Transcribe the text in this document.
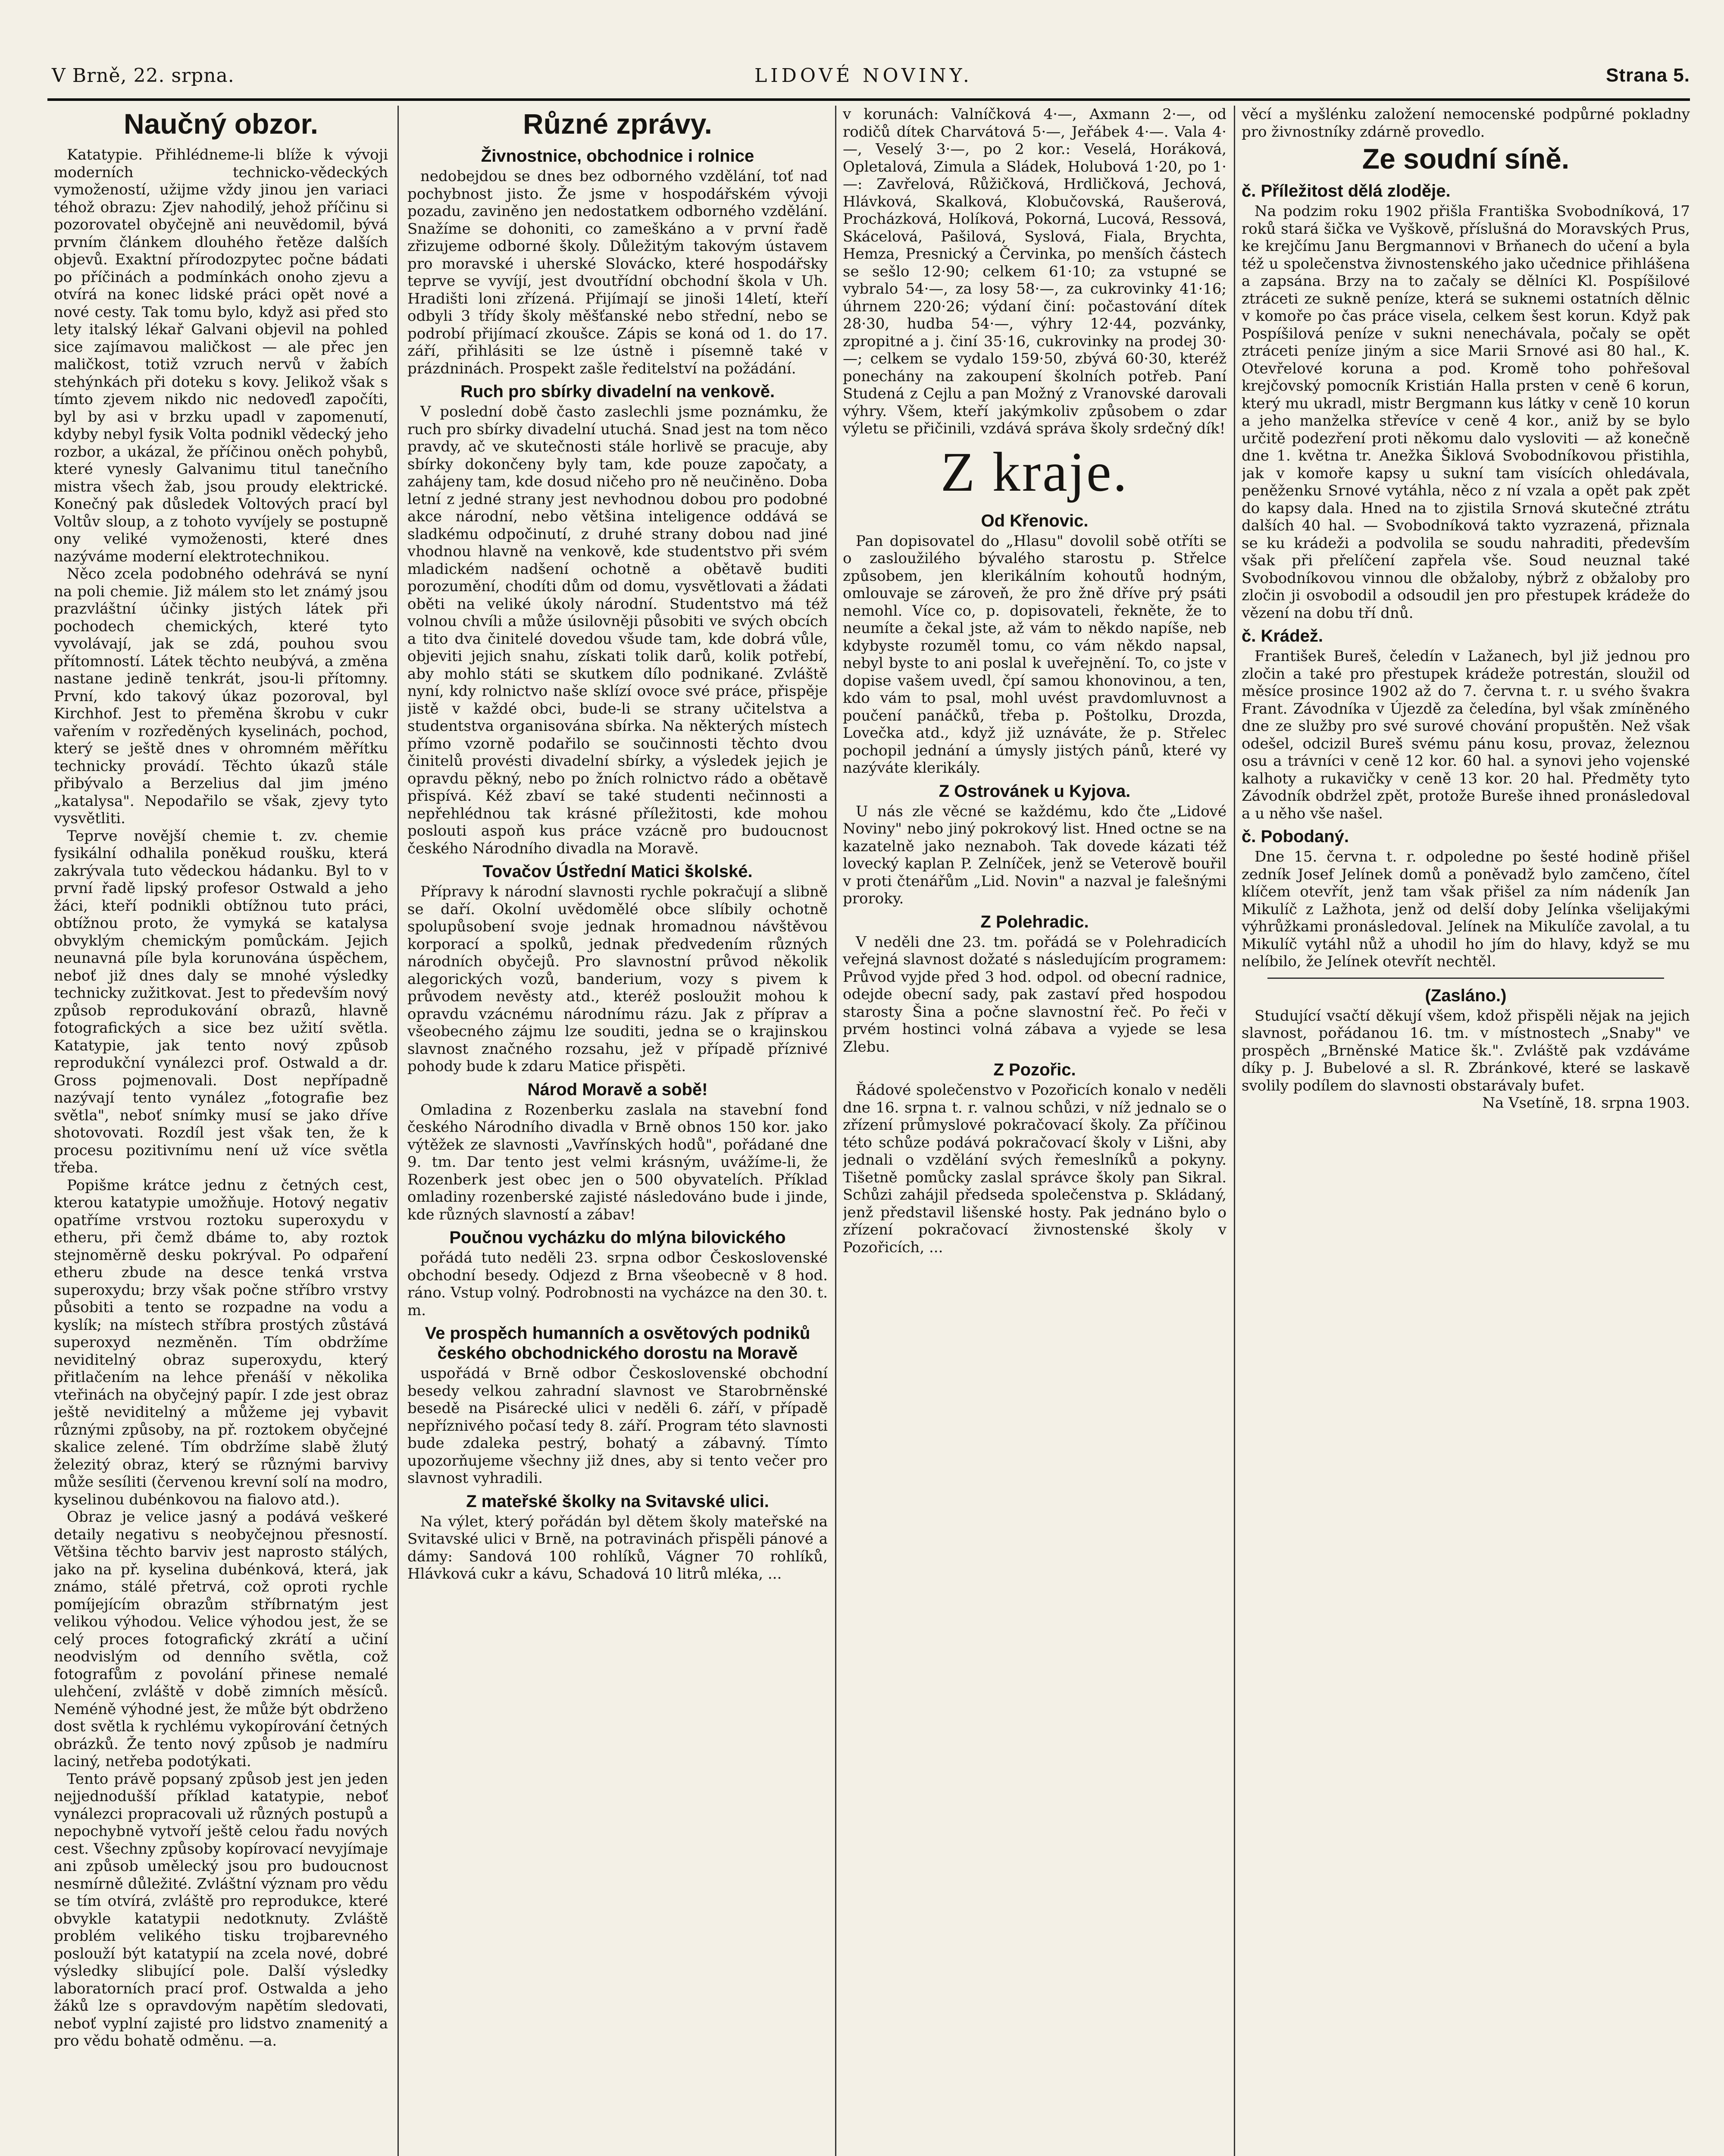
V Brně, 22. srpna.	LIDOVÉ NOVINY.	Strana 5.
Naučný obzor.

Katatypie. Přihlédneme-li blíže k vývoji moderních technicko-vědeckých vymožeností, užijme vždy jinou jen variaci téhož obrazu: Zjev nahodilý, jehož příčinu si pozorovatel obyčejně ani neuvědomil, bývá prvním článkem dlouhého řetěze dalších objevů. Exaktní přírodozpytec počne bádati po příčinách a podmínkách onoho zjevu a otvírá na konec lidské práci opět nové a nové cesty. Tak tomu bylo, když asi před sto lety italský lékař Galvani objevil na pohled sice zajímavou maličkost — ale přec jen maličkost, totiž vzruch nervů v žabích stehýnkách při doteku s kovy. Jelikož však s tímto zjevem nikdo nic nedoveďl započíti, byl by asi v brzku upadl v zapomenutí, kdyby nebyl fysik Volta podnikl vědecký jeho rozbor, a ukázal, že příčinou oněch pohybů, které vynesly Galvanimu titul tanečního mistra všech žab, jsou proudy elektrické. Konečný pak důsledek Voltových prací byl Voltův sloup, a z tohoto vyvíjely se postupně ony veliké vymoženosti, které dnes nazýváme moderní elektrotechnikou.

Něco zcela podobného odehrává se nyní na poli chemie. Již málem sto let známý jsou prazvláštní účinky jistých látek při pochodech chemických, které tyto vyvolávají, jak se zdá, pouhou svou přítomností. Látek těchto neubývá, a změna nastane jedině tenkrát, jsou-li přítomny. První, kdo takový úkaz pozoroval, byl Kirchhof. Jest to přeměna škrobu v cukr vařením v rozředěných kyselinách, pochod, který se ještě dnes v ohromném měřítku technicky provádí. Těchto úkazů stále přibývalo a Berzelius dal jim jméno „katalysa". Nepodařilo se však, zjevy tyto vysvětliti.

Teprve novější chemie t. zv. chemie fysikální odhalila poněkud roušku, která zakrývala tuto vědeckou hádanku. Byl to v první řadě lipský profesor Ostwald a jeho žáci, kteří podnikli obtížnou tuto práci, obtížnou proto, že vymyká se katalysa obvyklým chemickým pomůckám. Jejich neunavná píle byla korunována úspěchem, neboť již dnes daly se mnohé výsledky technicky zužitkovat. Jest to především nový způsob reprodukování obrazů, hlavně fotografických a sice bez užití světla. Katatypie, jak tento nový způsob reprodukční vynálezci prof. Ostwald a dr. Gross pojmenovali. Dost nepřípadně nazývají tento vynález „fotografie bez světla", neboť snímky musí se jako dříve shotovovati. Rozdíl jest však ten, že k procesu pozitivnímu není už více světla třeba.

Popišme krátce jednu z četných cest, kterou katatypie umožňuje. Hotový negativ opatříme vrstvou roztoku superoxydu v etheru, při čemž dbáme to, aby roztok stejnoměrně desku pokrýval. Po odpaření etheru zbude na desce tenká vrstva superoxydu; brzy však počne stříbro vrstvy působiti a tento se rozpadne na vodu a kyslík; na místech stříbra prostých zůstává superoxyd nezměněn. Tím obdržíme neviditelný obraz superoxydu, který přitlačením na lehce přenáší v několika vteřinách na obyčejný papír. I zde jest obraz ještě neviditelný a můžeme jej vybavit různými způsoby, na př. roztokem obyčejné skalice zelené. Tím obdržíme slabě žlutý železitý obraz, který se různými barvivy může sesíliti (červenou krevní solí na modro, kyselinou dubénkovou na fialovo atd.).

Obraz je velice jasný a podává veškeré detaily negativu s neobyčejnou přesností. Většina těchto barviv jest naprosto stálých, jako na př. kyselina dubénková, která, jak známo, stálé přetrvá, což oproti rychle pomíjejícím obrazům stříbrnatým jest velikou výhodou. Velice výhodou jest, že se celý proces fotografický zkrátí a učiní neodvislým od denního světla, což fotografům z povolání přinese nemalé ulehčení, zvláště v době zimních měsíců. Neméně výhodné jest, že může být obdrženo dost světla k rychlému vykopírování četných obrázků. Že tento nový způsob je nadmíru laciný, netřeba podotýkati.

Tento právě popsaný způsob jest jen jeden nejjednodušší příklad katatypie, neboť vynálezci propracovali už různých postupů a nepochybně vytvoří ještě celou řadu nových cest. Všechny způsoby kopírovací nevyjímaje ani způsob umělecký jsou pro budoucnost nesmírně důležité. Zvláštní význam pro vědu se tím otvírá, zvláště pro reprodukce, které obvykle katatypii nedotknuty. Zvláště problém velikého tisku trojbarevného poslouží být katatypií na zcela nové, dobré výsledky slibující pole. Další výsledky laboratorních prací prof. Ostwalda a jeho žáků lze s opravdovým napětím sledovati, neboť vyplní zajisté pro lidstvo znamenitý a pro vědu bohatě odměnu. —a.

Různé zprávy.
Živnostnice, obchodnice i rolnice

nedobejdou se dnes bez odborného vzdělání, toť nad pochybnost jisto. Že jsme v hospodářském vývoji pozadu, zaviněno jen nedostatkem odborného vzdělání. Snažíme se dohoniti, co zameškáno a v první řadě zřizujeme odborné školy. Důležitým takovým ústavem pro moravské i uherské Slovácko, které hospodářsky teprve se vyvíjí, jest dvoutřídní obchodní škola v Uh. Hradišti loni zřízená. Přijímají se jinoši 14letí, kteří odbyli 3 třídy školy měšťanské nebo střední, nebo se podrobí přijímací zkoušce. Zápis se koná od 1. do 17. září, přihlásiti se lze ústně i písemně také v prázdninách. Prospekt zašle ředitelství na požádání.

Ruch pro sbírky divadelní na venkově.

V poslední době často zaslechli jsme poznámku, že ruch pro sbírky divadelní utuchá. Snad jest na tom něco pravdy, ač ve skutečnosti stále horlivě se pracuje, aby sbírky dokončeny byly tam, kde pouze započaty, a zahájeny tam, kde dosud ničeho pro ně neučiněno. Doba letní z jedné strany jest nevhodnou dobou pro podobné akce národní, nebo většina inteligence oddává se sladkému odpočinutí, z druhé strany dobou nad jiné vhodnou hlavně na venkově, kde studentstvo při svém mladickém nadšení ochotně a obětavě buditi porozumění, chodíti dům od domu, vysvětlovati a žádati oběti na veliké úkoly národní. Studentstvo má též volnou chvíli a může úsilovněji působiti ve svých obcích a tito dva činitelé dovedou všude tam, kde dobrá vůle, objeviti jejich snahu, získati tolik darů, kolik potřebí, aby mohlo státi se skutkem dílo podnikané. Zvláště nyní, kdy rolnictvo naše sklízí ovoce své práce, přispěje jistě v každé obci, bude-li se strany učitelstva a studentstva organisována sbírka. Na některých místech přímo vzorně podařilo se součinnosti těchto dvou činitelů provésti divadelní sbírky, a výsledek jejich je opravdu pěkný, nebo po žních rolnictvo rádo a obětavě přispívá. Kéž zbaví se také studenti nečinnosti a nepřehlédnou tak krásné příležitosti, kde mohou poslouti aspoň kus práce vzácně pro budoucnost českého Národního divadla na Moravě.

Tovačov Ústřední Matici školské.

Přípravy k národní slavnosti rychle pokračují a slibně se daří. Okolní uvědomělé obce slíbily ochotně spolupůsobení svoje jednak hromadnou návštěvou korporací a spolků, jednak předvedením různých národních obyčejů. Pro slavnostní průvod několik alegorických vozů, banderium, vozy s pivem k průvodem nevěsty atd., kteréž posloužit mohou k opravdu vzácnému národnímu rázu. Jak z příprav a všeobecného zájmu lze souditi, jedna se o krajinskou slavnost značného rozsahu, jež v případě příznivé pohody bude k zdaru Matice přispěti.

Národ Moravě a sobě!

Omladina z Rozenberku zaslala na stavební fond českého Národního divadla v Brně obnos 150 kor. jako výtěžek ze slavnosti „Vavřínských hodů", pořádané dne 9. tm. Dar tento jest velmi krásným, uvážíme-li, že Rozenberk jest obec jen o 500 obyvatelích. Příklad omladiny rozenberské zajisté následováno bude i jinde, kde různých slavností a zábav!

Poučnou vycházku do mlýna bilovického

pořádá tuto neděli 23. srpna odbor Československé obchodní besedy. Odjezd z Brna všeobecně v 8 hod. ráno. Vstup volný. Podrobnosti na vycházce na den 30. t. m.

Ve prospěch humanních a osvětových podniků českého obchodnického dorostu na Moravě

uspořádá v Brně odbor Československé obchodní besedy velkou zahradní slavnost ve Starobrněnské besedě na Pisárecké ulici v neděli 6. září, v případě nepříznivého počasí tedy 8. září. Program této slavnosti bude zdaleka pestrý, bohatý a zábavný. Tímto upozorňujeme všechny již dnes, aby si tento večer pro slavnost vyhradili.

Z mateřské školky na Svitavské ulici.

Na výlet, který pořádán byl dětem školy mateřské na Svitavské ulici v Brně, na potravinách přispěli pánové a dámy: Sandová 100 rohlíků, Vágner 70 rohlíků, Hlávková cukr a kávu, Schadová 10 litrů mléka, ...

v korunách: Valníčková 4·—, Axmann 2·—, od rodičů dítek Charvátová 5·—, Jeřábek 4·—. Vala 4·—, Veselý 3·—, po 2 kor.: Veselá, Horáková, Opletalová, Zimula a Sládek, Holubová 1·20, po 1·—: Zavřelová, Růžičková, Hrdličková, Jechová, Hlávková, Skalková, Klobučovská, Raušerová, Procházková, Holíková, Pokorná, Lucová, Ressová, Skácelová, Pašilová, Syslová, Fiala, Brychta, Hemza, Presnický a Červinka, po menších částech se sešlo 12·90; celkem 61·10; za vstupné se vybralo 54·—, za losy 58·—, za cukrovinky 41·16; úhrnem 220·26; výdaní činí: počastování dítek 28·30, hudba 54·—, výhry 12·44, pozvánky, zpropitné a j. činí 35·16, cukrovinky na prodej 30·—; celkem se vydalo 159·50, zbývá 60·30, kteréž ponechány na zakoupení školních potřeb. Paní Studená z Cejlu a pan Možný z Vranovské darovali výhry. Všem, kteří jakýmkoliv způsobem o zdar výletu se přičinili, vzdává správa školy srdečný dík!

Z kraje.
Od Křenovic.

Pan dopisovatel do „Hlasu" dovolil sobě otříti se o zasloužilého bývalého starostu p. Střelce způsobem, jen klerikálním kohoutů hodným, omlouvaje se zároveň, že pro žně dříve prý psáti nemohl. Více co, p. dopisovateli, řekněte, že to neumíte a čekal jste, až vám to někdo napíše, neb kdybyste rozuměl tomu, co vám někdo napsal, nebyl byste to ani poslal k uveřejnění. To, co jste v dopise vašem uvedl, čpí samou khonovinou, a ten, kdo vám to psal, mohl uvést pravdomluvnost a poučení panáčků, třeba p. Poštolku, Drozda, Lovečka atd., když již uznáváte, že p. Střelec pochopil jednání a úmysly jistých pánů, které vy nazýváte klerikály.

Z Ostrovánek u Kyjova.

U nás zle věcné se každému, kdo čte „Lidové Noviny" nebo jiný pokrokový list. Hned octne se na kazatelně jako neznaboh. Tak dovede kázati též lovecký kaplan P. Zelníček, jenž se Veterově bouřil v proti čtenářům „Lid. Novin" a nazval je falešnými proroky.

Z Polehradic.

V neděli dne 23. tm. pořádá se v Polehradicích veřejná slavnost dožaté s následujícím programem: Průvod vyjde před 3 hod. odpol. od obecní radnice, odejde obecní sady, pak zastaví před hospodou starosty Šina a počne slavnostní řeč. Po řeči v prvém hostinci volná zábava a vyjede se lesa Zlebu.

Z Pozořic.

Řádové společenstvo v Pozořicích konalo v neděli dne 16. srpna t. r. valnou schůzi, v níž jednalo se o zřízení průmyslové pokračovací školy. Za příčinou této schůze podává pokračovací školy v Lišni, aby jednali o vzdělání svých řemeslníků a pokyny. Tišetně pomůcky zaslal správce školy pan Sikral. Schůzi zahájil předseda společenstva p. Skládaný, jenž představil lišenské hosty. Pak jednáno bylo o zřízení pokračovací živnostenské školy v Pozořicích, ...

věcí a myšlénku založení nemocenské podpůrné pokladny pro živnostníky zdárně provedlo.

Ze soudní síně.
č. Příležitost dělá zloděje.

Na podzim roku 1902 přišla Františka Svobodníková, 17 roků stará šička ve Vyškově, příslušná do Moravských Prus, ke krejčímu Janu Bergmannovi v Brňanech do učení a byla též u společenstva živnostenského jako učednice přihlášena a zapsána. Brzy na to začaly se dělníci Kl. Pospíšilové ztráceti ze sukně peníze, která se suknemi ostatních dělnic v komoře po čas práce visela, celkem šest korun. Když pak Pospíšilová peníze v sukni nenechávala, počaly se opět ztráceti peníze jiným a sice Marii Srnové asi 80 hal., K. Otevřelové koruna a pod. Kromě toho pohřešoval krejčovský pomocník Kristián Halla prsten v ceně 6 korun, který mu ukradl, mistr Bergmann kus látky v ceně 10 korun a jeho manželka střevíce v ceně 4 kor., aniž by se bylo určitě podezření proti někomu dalo vysloviti — až konečně dne 1. května tr. Anežka Šiklová Svobodníkovou přistihla, jak v komoře kapsy u sukní tam visících ohledávala, peněženku Srnové vytáhla, něco z ní vzala a opět pak zpět do kapsy dala. Hned na to zjistila Srnová skutečné ztrátu dalších 40 hal. — Svobodníková takto vyzrazená, přiznala se ku krádeži a podvolila se soudu nahraditi, především však při přelíčení zapřela vše. Soud neuznal také Svobodníkovou vinnou dle obžaloby, nýbrž z obžaloby pro zločin ji osvobodil a odsoudil jen pro přestupek krádeže do vězení na dobu tří dnů.

č. Krádež.

František Bureš, čeledín v Lažanech, byl již jednou pro zločin a také pro přestupek krádeže potrestán, sloužil od měsíce prosince 1902 až do 7. června t. r. u svého švakra Frant. Závodníka v Újezdě za čeledína, byl však zmíněného dne ze služby pro své surové chování propuštěn. Než však odešel, odcizil Bureš svému pánu kosu, provaz, železnou osu a trávníci v ceně 12 kor. 60 hal. a synovi jeho vojenské kalhoty a rukavičky v ceně 13 kor. 20 hal. Předměty tyto Závodník obdržel zpět, protože Bureše ihned pronásledoval a u něho vše našel.

č. Pobodaný.

Dne 15. června t. r. odpoledne po šesté hodině přišel zedník Josef Jelínek domů a poněvadž bylo zamčeno, čítel klíčem otevřít, jenž tam však přišel za ním nádeník Jan Mikulíč z Lažhota, jenž od delší doby Jelínka všelijakými výhrůžkami pronásledoval. Jelínek na Mikulíče zavolal, a tu Mikulíč vytáhl nůž a uhodil ho jím do hlavy, když se mu nelíbilo, že Jelínek otevřít nechtěl.

(Zasláno.)

Studující vsačtí děkují všem, kdož přispěli nějak na jejich slavnost, pořádanou 16. tm. v místnostech „Snaby" ve prospěch „Brněnské Matice šk.". Zvláště pak vzdáváme díky p. J. Bubelové a sl. R. Zbránkové, které se laskavě svolily podílem do slavnosti obstarávaly bufet.

Na Vsetíně, 18. srpna 1903.
